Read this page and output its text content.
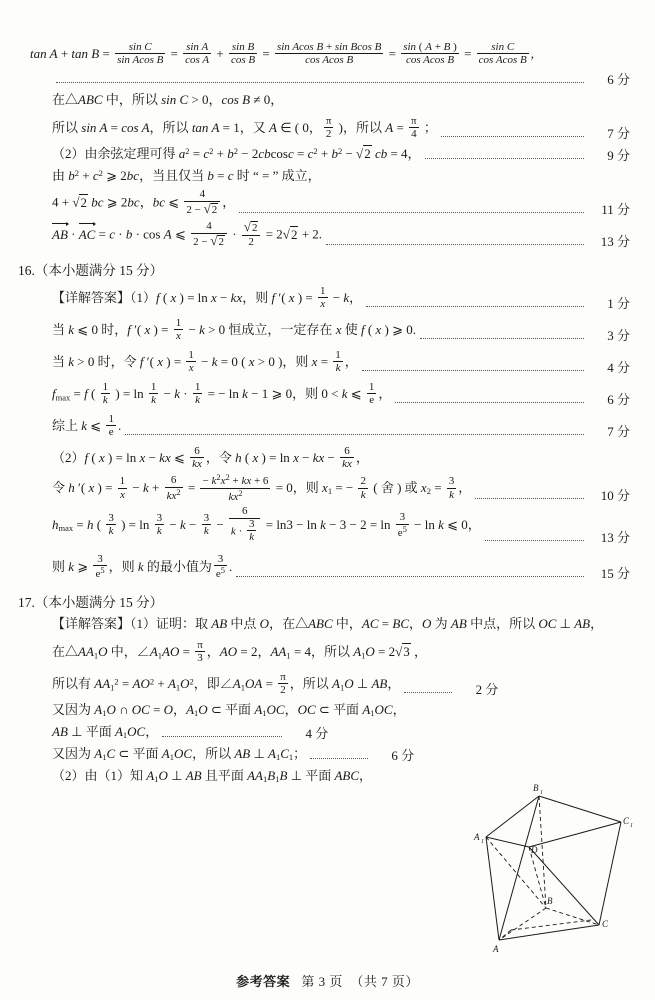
$\tan A + \tan B = \frac{\text{sin C}}{\text{sin Acos B}} = \frac{\text{sin A}}{\text{cos A}} + \frac{\text{sin B}}{\text{cos B}} = \frac{\text{sin Acos B + sin Bcos B}}{\text{cos Acos B}} = \frac{\sin ( A + B )}{\text{cos Acos B}} = \frac{\text{sin C}}{\text{cos Acos B}}$ ,
6 分
在△ABC 中，所以 sin C > 0，cos B ≠ 0，
所以 sin A = cos A，所以 tan A = 1，又 A ∈ ( 0， $\frac{\pi}{2}$ )，所以 $A = \frac{\pi}{4}$ ；	7 分
（2）由余弦定理可得 $a^2 = c^2 + b^2 - 2cbcosc = c^2 + b^2 - √2$ cb = 4，	9 分
由 $b^2 + c^2$ ⩾ 2bc，当且仅当 b = c 时 “ = ” 成立，
4 + √2 bc ⩾ 2bc，bc ⩽ $\frac{4}{2 - √2}$ ，	11 分
AB ·
AC = c · b · cos A ⩽ $\frac{4}{2 - √2} \cdot \frac{√2}{2} = 2√2 + 2$.	13 分
16.（本小题满分 15 分）
【详解答案】（1）f ( x ) = ln x − kx，则 f ′( x ) = $\frac{1}{x} - k$，	1 分
当 k ⩽ 0 时，f ′( x ) = $\frac{1}{x} - k > 0$ 恒成立，一定存在 x 使 f ( x ) ⩾ 0.	3 分
当 k > 0 时，令 f ′( x ) = $\frac{1}{x} - k = 0$ ( x > 0 )，则 $x = \frac{1}{k}$ ，	4 分
$f_{max} = f$ ( $\frac{1}{k}$ ) = $\ln \frac{1}{k} - k \cdot \frac{1}{k}$ = − ln k − 1 ⩾ 0，则 0 < k ⩽ $\frac{1}{e}$ ，	6 分
综上 k ⩽ $\frac{1}{e}$ .	7 分
（2）f ( x ) = ln x − kx ⩽ $\frac{6}{kx}$ ，令 h ( x ) = ln x − kx − $\frac{6}{kx}$ ，
令 h ′( x ) = $\frac{1}{x} - k + \frac{6}{kx^2} = \frac{- k^2x^2 + kx + 6}{kx^2} = 0$，则 $x_1$ = − $\frac{2}{k}$ ( 舍 ) 或 $x_2 = \frac{3}{k}$ ，
10 分
$h_{max} = h$ ( $\frac{3}{k}$ ) = $\ln \frac{3}{k} - k - \frac{3}{k} - \frac{6}{k \cdot \frac{3}{k}} = \ln 3 - \ln k - 3 - 2 = \ln \frac{3}{e^5} - \ln k$ ⩽ 0，
13 分
则 k ⩾ $\frac{3}{e^5}$ ，则 k 的最小值为 $\frac{3}{e^5}$ .	15 分
17.（本小题满分 15 分）
【详解答案】（1）证明：取 AB 中点 O，在△ABC 中，AC = BC，O 为 AB 中点，所以 OC ⊥ AB，
在$\triangle AA_1O$ 中，$\angle A_1AO = \frac{\pi}{3}$ ，AO = 2，$AA_1 = 4$，所以 $A_1O = 2√3$ ，
所以有 $AA_1^2 = AO^2 + A_1O^2$，即$\angle A_1OA = \frac{\pi}{2}$ ，所以 $A_1O$ ⊥ AB，	2 分
又因为 $A_1O$ ∩ OC = O，$A_1O$ ⊂ 平面 $A_1OC$，OC ⊂ 平面 $A_1OC$，
AB ⊥ 平面 $A_1OC$，	4 分
又因为 $A_1C$ ⊂ 平面 $A_1OC$，所以 AB ⊥ $A_1C_1$；	6 分
（2）由（1）知 $A_1O$ ⊥ AB 且平面 $AA_1B_1B$ ⊥ 平面 ABC，
B 1
C 1
A 1
D
B
C
A
参考答案 第 3 页 （共 7 页）
